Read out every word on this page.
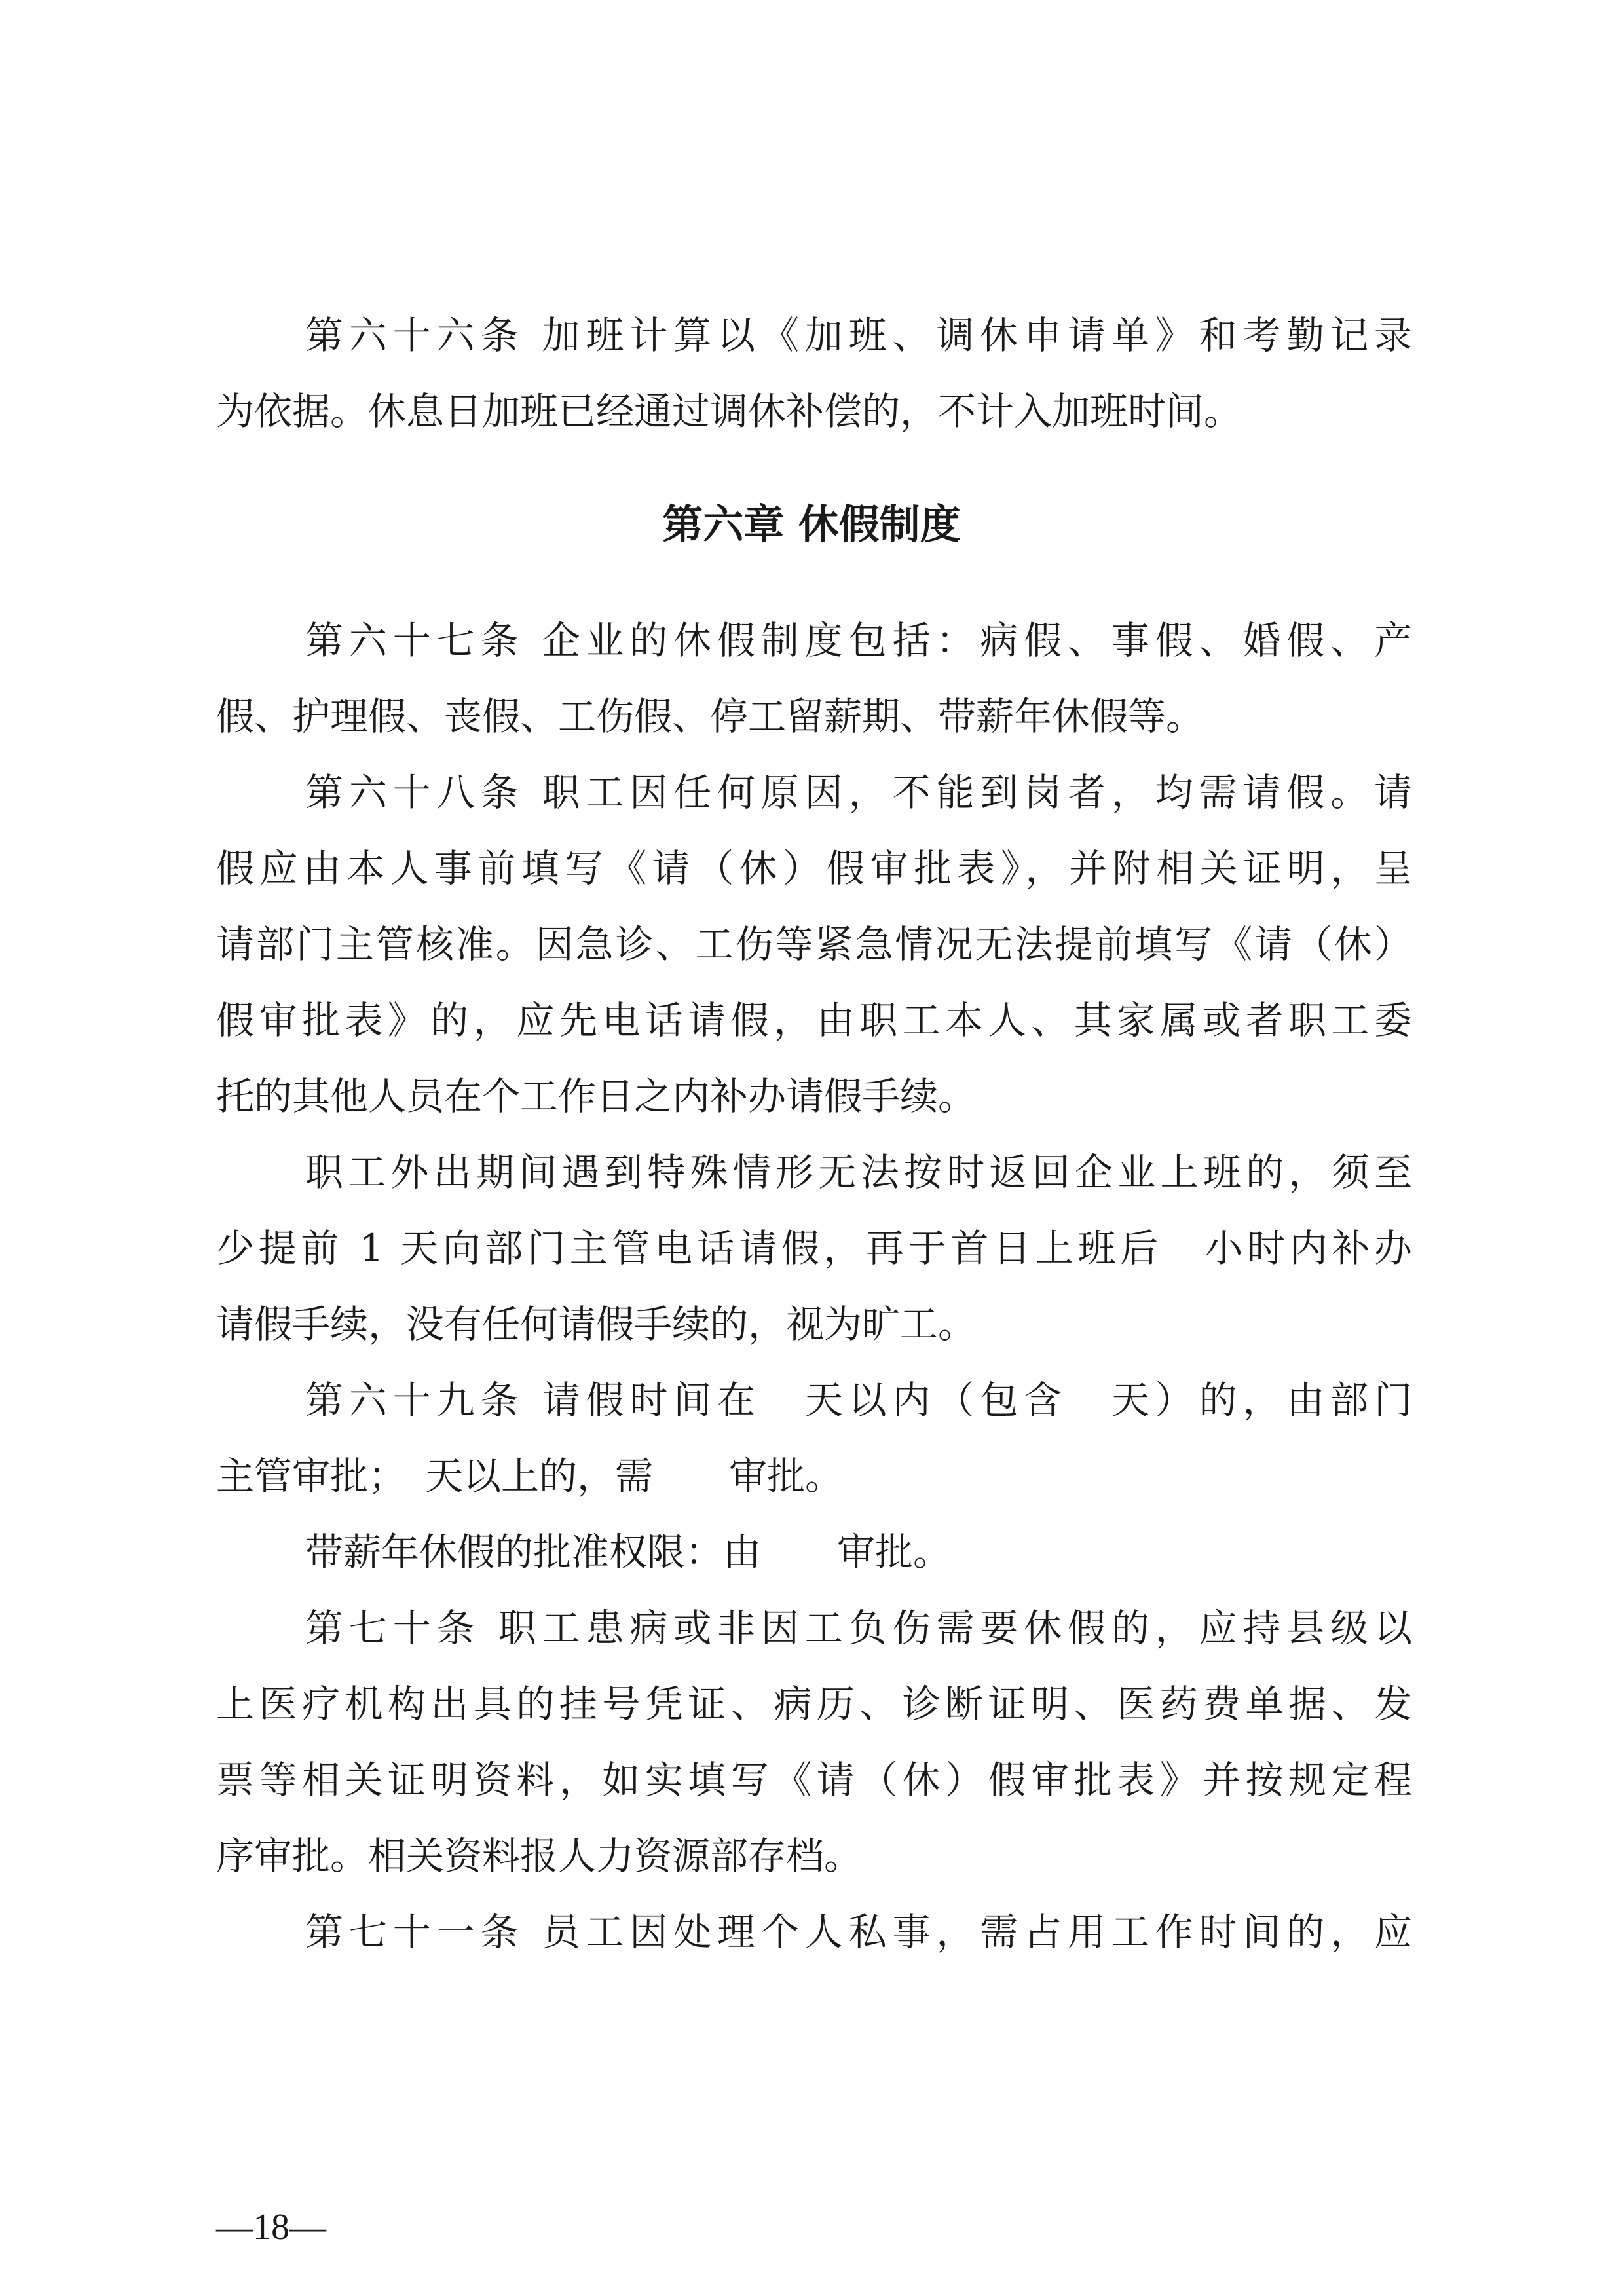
第六十六条 加班计算以《加班、调休申请单》和考勤记录
为依据。休息日加班已经通过调休补偿的，不计入加班时间。
第六章 休假制度
第六十七条 企业的休假制度包括：病假、事假、婚假、产
假、护理假、丧假、工伤假、停工留薪期、带薪年休假等。
第六十八条 职工因任何原因，不能到岗者，均需请假。请
假应由本人事前填写《请（休）假审批表》，并附相关证明，呈
请部门主管核准。因急诊、工伤等紧急情况无法提前填写《请（休）
假审批表》的，应先电话请假，由职工本人、其家属或者职工委
托的其他人员在个工作日之内补办请假手续。
职工外出期间遇到特殊情形无法按时返回企业上班的，须至
少提前 1 天向部门主管电话请假，再于首日上班后　小时内补办
请假手续，没有任何请假手续的，视为旷工。
第六十九条 请假时间在　天以内（包含　天）的，由部门
主管审批；　天以上的，需　　审批。
带薪年休假的批准权限：由　　审批。
第七十条 职工患病或非因工负伤需要休假的，应持县级以
上医疗机构出具的挂号凭证、病历、诊断证明、医药费单据、发
票等相关证明资料，如实填写《请（休）假审批表》并按规定程
序审批。相关资料报人力资源部存档。
第七十一条 员工因处理个人私事，需占用工作时间的，应
—18—
